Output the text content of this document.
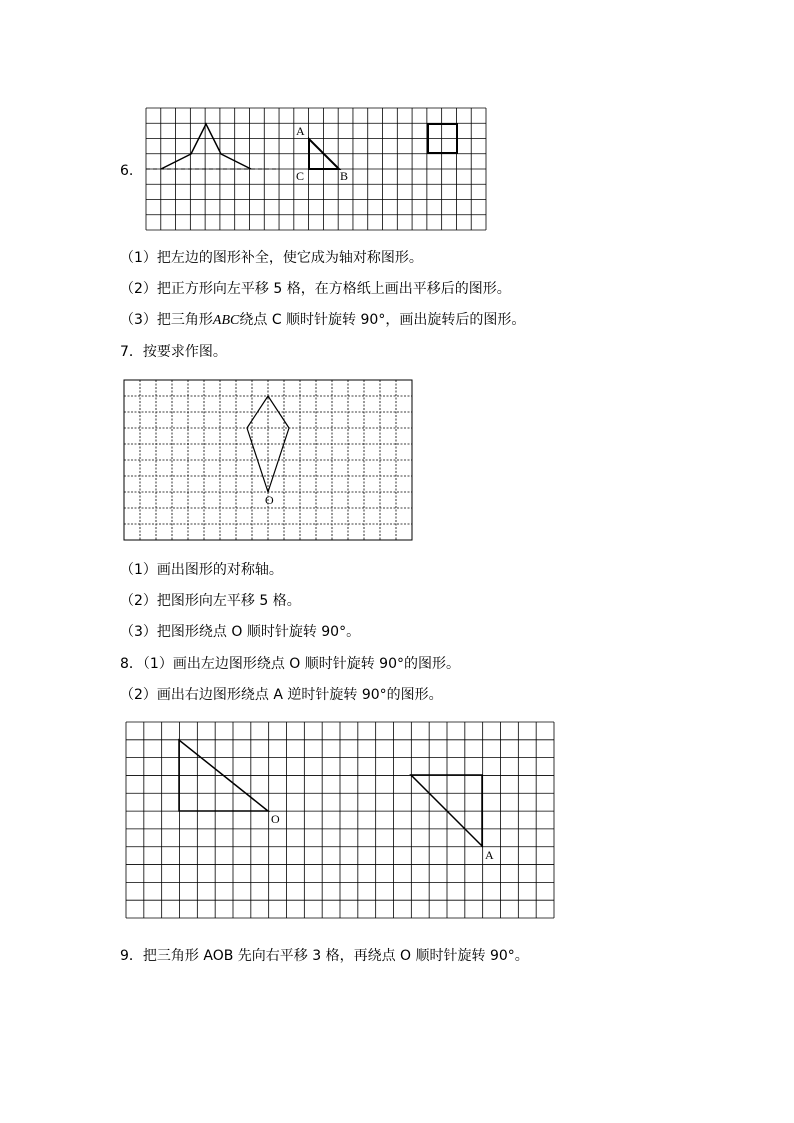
6.
A
C	B
（1）把左边的图形补全，使它成为轴对称图形。
（2）把正方形向左平移 5 格，在方格纸上画出平移后的图形。
（3）把三角形ABC绕点 C 顺时针旋转 90°，画出旋转后的图形。
7．按要求作图。
O
（1）画出图形的对称轴。
（2）把图形向左平移 5 格。
（3）把图形绕点 O 顺时针旋转 90°。
8．（1）画出左边图形绕点 O 顺时针旋转 90°的图形。
（2）画出右边图形绕点 A 逆时针旋转 90°的图形。
O
A
9．把三角形 AOB 先向右平移 3 格，再绕点 O 顺时针旋转 90°。
